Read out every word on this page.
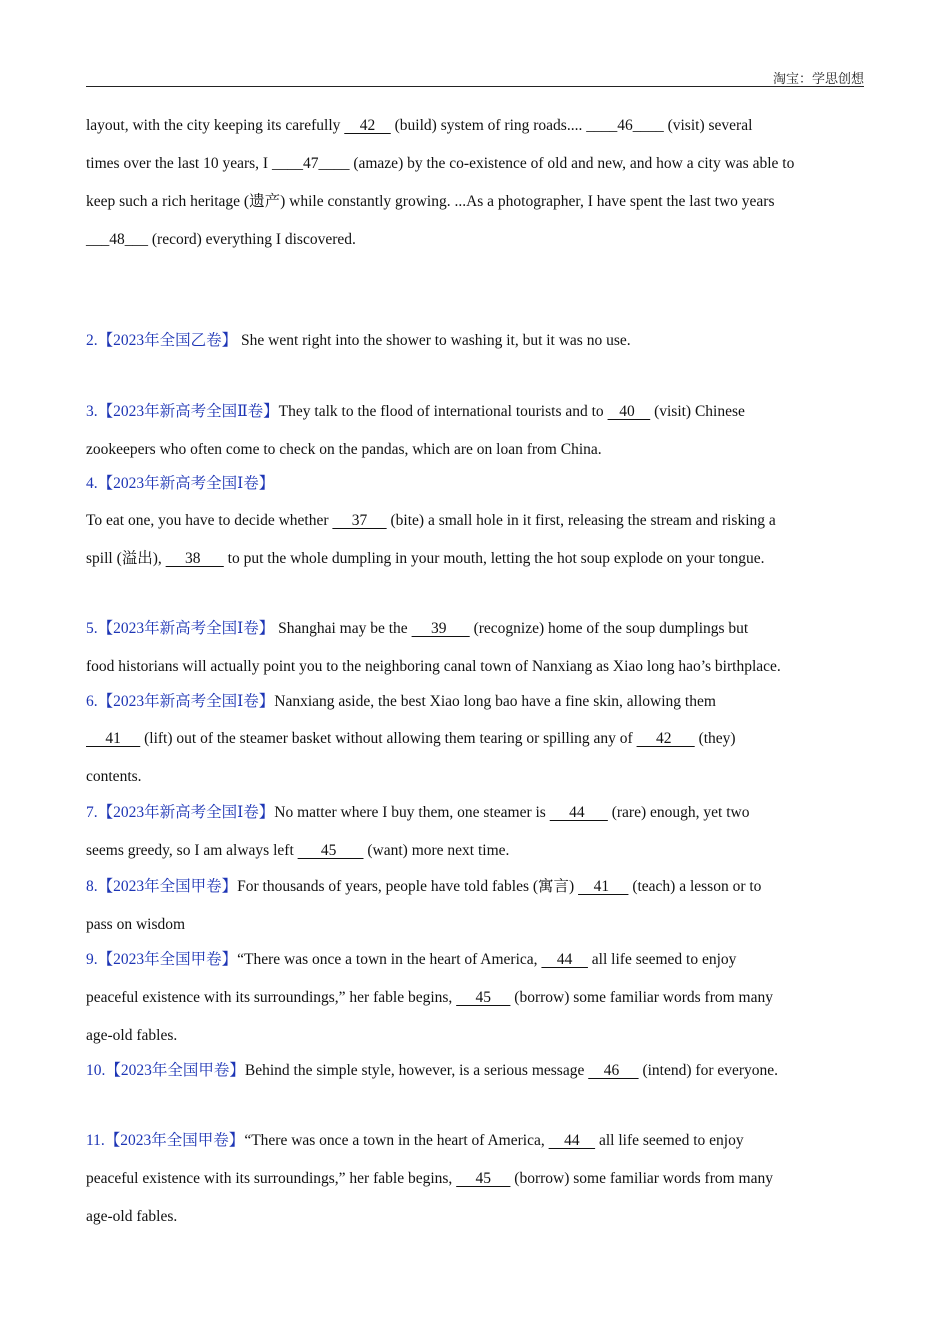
淘宝：学思创想
layout, with the city keeping its carefully     42     (build) system of ring roads.... ____46____ (visit) several
times over the last 10 years, I ____47____ (amaze) by the co-existence of old and new, and how a city was able to
keep such a rich heritage (遗产) while constantly growing. ...As a photographer, I have spent the last two years
___48___ (record) everything I discovered.
2.【2023年全国乙卷】 She went right into the shower to washing it, but it was no use.
3.【2023年新高考全国Ⅱ卷】They talk to the flood of international tourists and to    40     (visit) Chinese
zookeepers who often come to check on the pandas, which are on loan from China.
4.【2023年新高考全国Ⅰ卷】
To eat one, you have to decide whether      37      (bite) a small hole in it first, releasing the stream and risking a
spill (溢出),      38       to put the whole dumpling in your mouth, letting the hot soup explode on your tongue.
5.【2023年新高考全国Ⅰ卷】 Shanghai may be the      39       (recognize) home of the soup dumplings but
food historians will actually point you to the neighboring canal town of Nanxiang as Xiao long hao’s birthplace.
6.【2023年新高考全国Ⅰ卷】Nanxiang aside, the best Xiao long bao have a fine skin, allowing them
41      (lift) out of the steamer basket without allowing them tearing or spilling any of      42       (they)
contents.
7.【2023年新高考全国Ⅰ卷】No matter where I buy them, one steamer is      44       (rare) enough, yet two
seems greedy, so I am always left       45        (want) more next time.
8.【2023年全国甲卷】For thousands of years, people have told fables (寓言)     41      (teach) a lesson or to
pass on wisdom
9.【2023年全国甲卷】“There was once a town in the heart of America,     44     all life seemed to enjoy
peaceful existence with its surroundings,” her fable begins,      45      (borrow) some familiar words from many
age-old fables.
10.【2023年全国甲卷】Behind the simple style, however, is a serious message     46      (intend) for everyone.
11.【2023年全国甲卷】“There was once a town in the heart of America,     44     all life seemed to enjoy
peaceful existence with its surroundings,” her fable begins,      45      (borrow) some familiar words from many
age-old fables.
